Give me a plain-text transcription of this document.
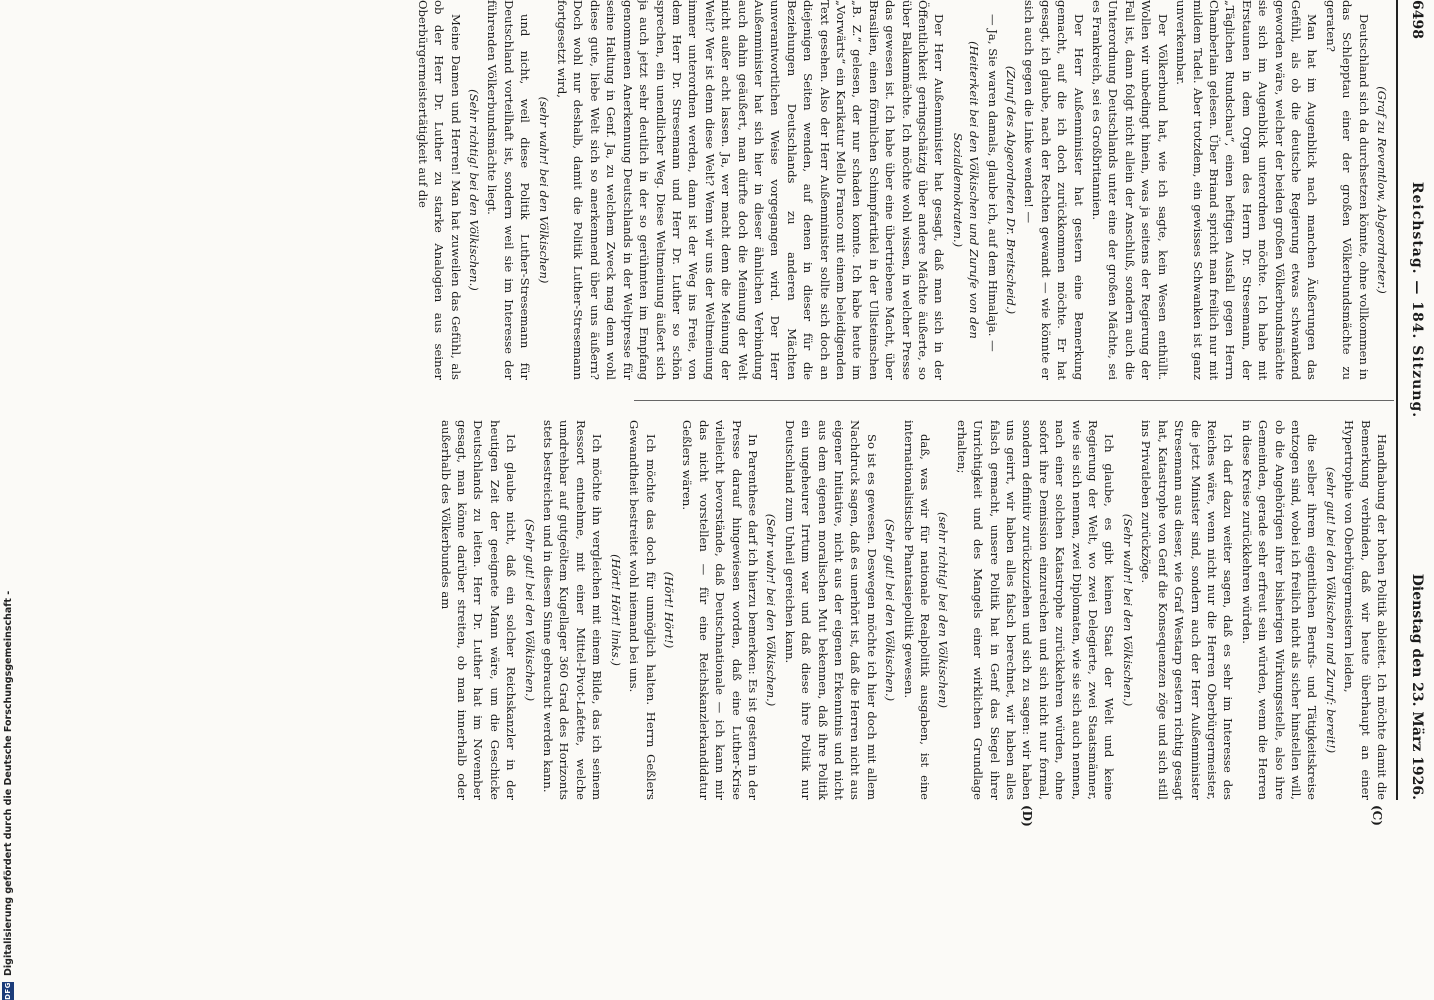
6498
Reichstag. — 184. Sitzung.
Dienstag den 23. März 1926.
(C)
(D)

(Graf zu Reventlow, Abgeordneter.)

Deutschland sich da durchsetzen könnte, ohne vollkommen in das Schlepptau einer der großen Völkerbundsmächte zu geraten?

Man hat im Augenblick nach manchen Äußerungen das Gefühl, als ob die deutsche Regierung etwas schwankend geworden wäre, welcher der beiden großen Völkerbundsmächte sie sich im Augenblick unterordnen möchte. Ich habe mit Erstaunen in dem Organ des Herrn Dr. Stresemann, der „Täglichen Rundschau“, einen heftigen Ausfall gegen Herrn Chamberlain gelesen. Über Briand spricht man freilich nur mit mildem Tadel. Aber trotzdem, ein gewisses Schwanken ist ganz unverkennbar.

Der Völkerbund hat, wie ich sagte, kein Wesen enthüllt. Wollen wir unbedingt hinein, was ja seitens der Regierung der Fall ist, dann folgt nicht allein der Anschluß, sondern auch die Unterordnung Deutschlands unter eine der großen Mächte, sei es Frankreich, sei es Großbritannien.

Der Herr Außenminister hat gestern eine Bemerkung gemacht, auf die ich doch zurückkommen möchte. Er hat gesagt, ich glaube, nach der Rechten gewandt — wie könnte er sich auch gegen die Linke wenden! —

(Zuruf des Abgeordneten Dr. Breitscheid.)

— Ja, Sie waren damals, glaube ich, auf dem Himalaja. —

(Heiterkeit bei den Völkischen und Zurufe von den Sozialdemokraten.)

Der Herr Außenminister hat gesagt, daß man sich in der Öffentlichkeit geringschätzig über andere Mächte äußerte, so über Balkanmächte. Ich möchte wohl wissen, in welcher Presse das gewesen ist. Ich habe über eine übertriebene Macht, über Brasilien, einen förmlichen Schimpfartikel in der Ullsteinschen „B. Z.“ gelesen, der nur schaden konnte. Ich habe heute im „Vorwärts“ ein Karikatur Mello Franco mit einem beleidigenden Text gesehen. Also der Herr Außenminister sollte sich doch an diejenigen Seiten wenden, auf denen in dieser für die Beziehungen Deutschlands zu anderen Mächten unverantwortlichen Weise vorgegangen wird. Der Herr Außenminister hat sich hier in dieser ähnlichen Verbindung auch dahin geäußert, man dürfte doch die Meinung der Welt nicht außer acht lassen. Ja, wer macht denn die Meinung der Welt? Wer ist denn diese Welt? Wenn wir uns der Weltmeinung immer unterordnen werden, dann ist der Weg ins Freie, von dem Herr Dr. Stresemann und Herr Dr. Luther so schön sprechen, ein unendlicher Weg. Diese Weltmeinung äußert sich ja auch jetzt sehr deutlich in der so gerühmten im Empfang genommenen Anerkennung Deutschlands in der Weltpresse für seine Haltung in Genf. Ja, zu welchem Zweck mag denn wohl diese gute, liebe Welt sich so anerkennend über uns äußern? Doch wohl nur deshalb, damit die Politik Luther-Stresemann fortgesetzt wird,

(sehr wahr! bei den Völkischen)

und nicht, weil diese Politik Luther-Stresemann für Deutschland vorteilhaft ist, sondern weil sie im Interesse der führenden Völkerbundsmächte liegt.

(Sehr richtig! bei den Völkischen.)

Meine Damen und Herren! Man hat zuweilen das Gefühl, als ob der Herr Dr. Luther zu starke Analogien aus seiner Oberbürgermeistertätigkeit auf die

Handhabung der hohen Politik ableitet. Ich möchte damit die Bemerkung verbinden, daß wir heute überhaupt an einer Hypertrophie von Oberbürgermeistern leiden,

(sehr gut! bei den Völkischen und Zuruf: bereit!)

die selber ihrem eigentlichen Berufs- und Tätigkeitskreise entzogen sind, wobei ich freilich nicht als sicher hinstellen will, ob die Angehörigen ihrer bisherigen Wirkungsstelle, also ihre Gemeinden, gerade sehr erfreut sein würden, wenn die Herren in diese Kreise zurückkehren würden.

Ich darf dazu weiter sagen, daß es sehr im Interesse des Reiches wäre, wenn nicht nur die Herren Oberbürgermeister, die jetzt Minister sind, sondern auch der Herr Außenminister Stresemann aus dieser, wie Graf Westarp gestern richtig gesagt hat, Katastrophe von Genf die Konsequenzen zöge und sich still ins Privatleben zurückzöge.

(Sehr wahr! bei den Völkischen.)

Ich glaube, es gibt keinen Staat der Welt und keine Regierung der Welt, wo zwei Delegierte, zwei Staatsmänner, wie sie sich nennen, zwei Diplomaten, wie sie sich auch nennen, nach einer solchen Katastrophe zurückkehren würden, ohne sofort ihre Demission einzureichen und sich nicht nur formal, sondern definitiv zurückzuziehen und sich zu sagen: wir haben uns geirrt, wir haben alles falsch berechnet, wir haben alles falsch gemacht, unsere Politik hat in Genf das Siegel ihrer Unrichtigkeit und des Mangels einer wirklichen Grundlage erhalten;

(sehr richtig! bei den Völkischen)

daß, was wir für nationale Realpolitik ausgaben, ist eine internationalistische Phantasiepolitik gewesen.

(Sehr gut! bei den Völkischen.)

So ist es gewesen. Deswegen möchte ich hier doch mit allem Nachdruck sagen, daß es unerhört ist, daß die Herren nicht aus eigener Initiative, nicht aus der eigenen Erkenntnis und nicht aus dem eigenen moralischen Mut bekennen, daß ihre Politik ein ungeheurer Irrtum war und daß diese ihre Politik nur Deutschland zum Unheil gereichen kann.

(Sehr wahr! bei den Völkischen.)

In Parenthese darf ich hierzu bemerken: Es ist gestern in der Presse darauf hingewiesen worden, daß eine Luther-Krise vielleicht bevorstände, daß Deutschnationale — ich kann mir das nicht vorstellen — für eine Reichskanzlerkandidatur Geßlers wären.

(Hört! Hört!)

Ich möchte das doch für unmöglich halten. Herrn Geßlers Gewandtheit bestreitet wohl niemand bei uns.

(Hört! Hört! links.)

Ich möchte ihn vergleichen mit einem Bilde, das ich seinem Ressort entnehme, mit einer Mittel-Pivot-Lafette, welche umdrehbar auf gutgeöltem Kugellager 360 Grad des Horizonts stets bestreichen und in diesem Sinne gebraucht werden kann.

(Sehr gut! bei den Völkischen.)

Ich glaube nicht, daß ein solcher Reichskanzler in der heutigen Zeit der geeignete Mann wäre, um die Geschicke Deutschlands zu leiten. Herr Dr. Luther hat im November gesagt, man könne darüber streiten, ob man innerhalb oder außerhalb des Völkerbundes am

DFG
Digitalisierung gefördert durch die Deutsche Forschungsgemeinschaft -
